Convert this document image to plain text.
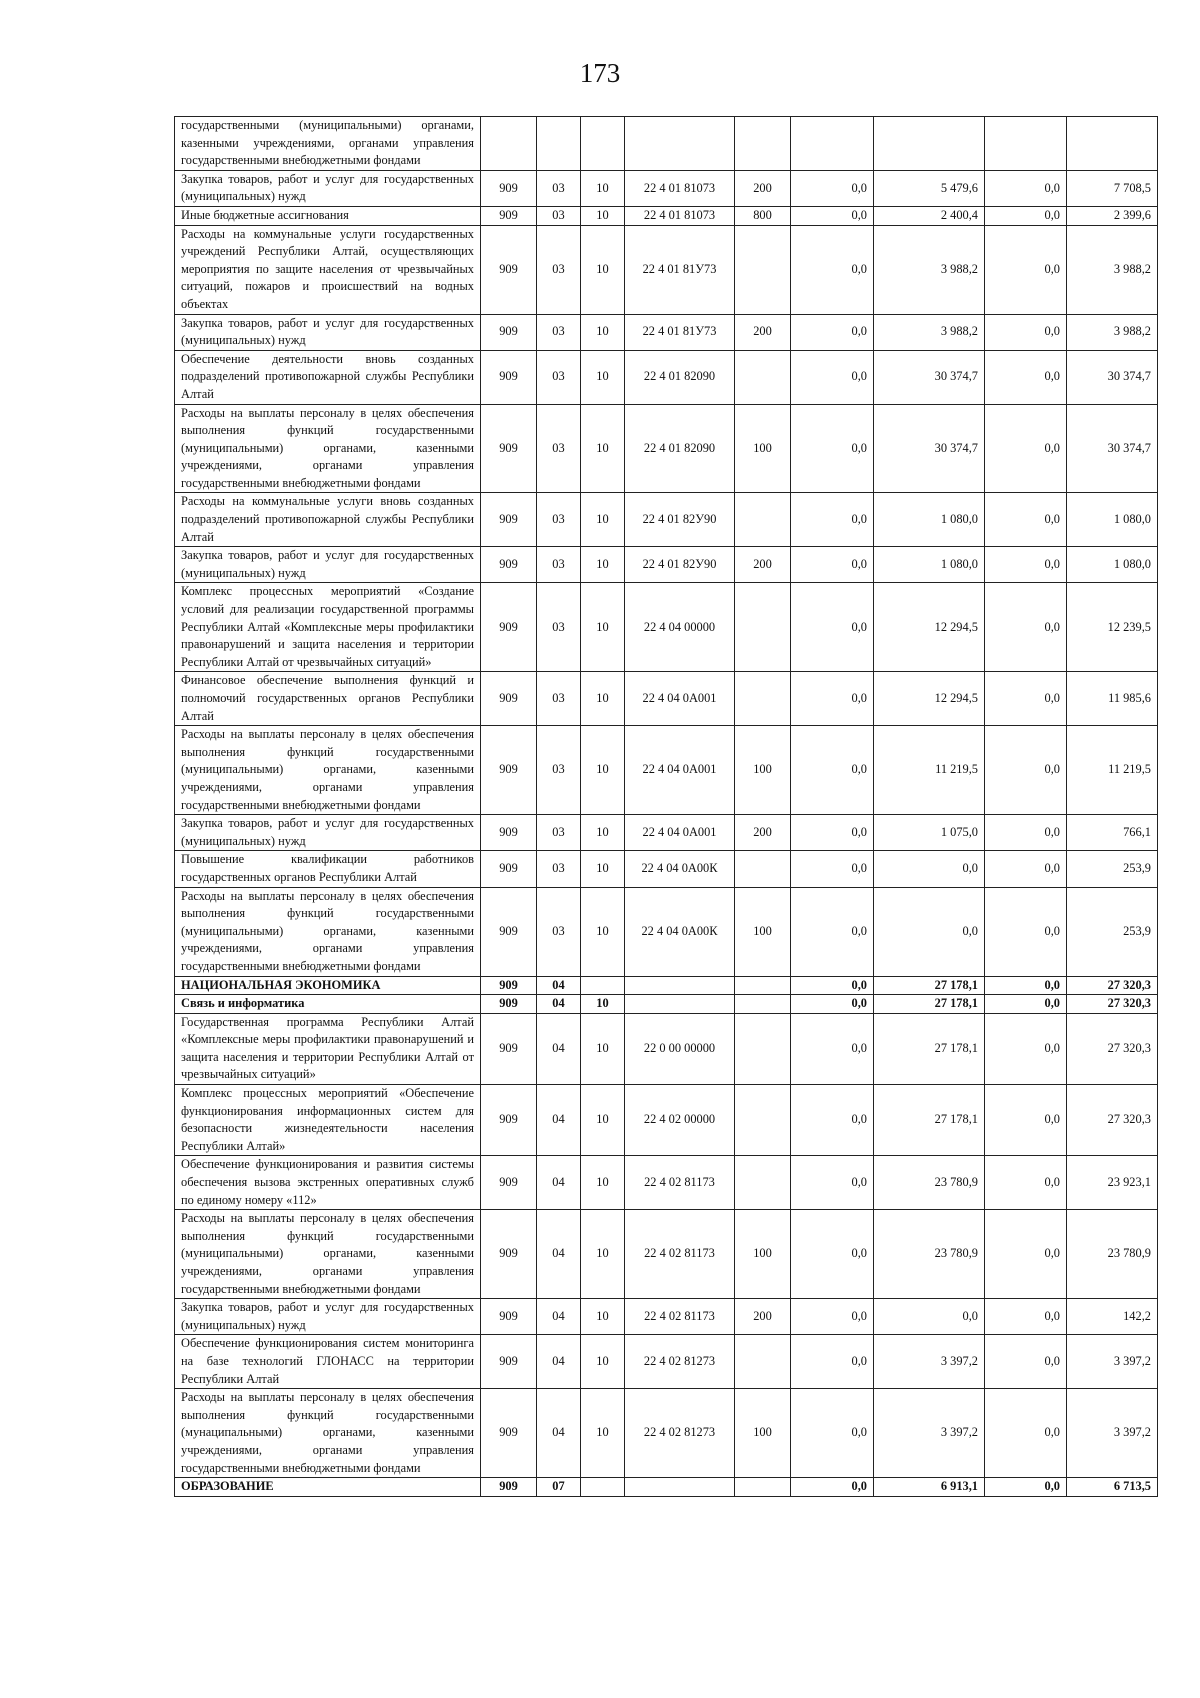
173
государственными (муниципальными) органами, казенными учреждениями, органами управления государственными внебюджетными фондами									
Закупка товаров, работ и услуг для государственных (муниципальных) нужд	909	03	10	22 4 01 81073	200	0,0	5 479,6	0,0	7 708,5
Иные бюджетные ассигнования	909	03	10	22 4 01 81073	800	0,0	2 400,4	0,0	2 399,6
Расходы на коммунальные услуги государственных учреждений Республики Алтай, осуществляющих мероприятия по защите населения от чрезвычайных ситуаций, пожаров и происшествий на водных объектах	909	03	10	22 4 01 81У73		0,0	3 988,2	0,0	3 988,2
Закупка товаров, работ и услуг для государственных (муниципальных) нужд	909	03	10	22 4 01 81У73	200	0,0	3 988,2	0,0	3 988,2
Обеспечение деятельности вновь созданных подразделений противопожарной службы Республики Алтай	909	03	10	22 4 01 82090		0,0	30 374,7	0,0	30 374,7
Расходы на выплаты персоналу в целях обеспечения выполнения функций государственными (муниципальными) органами, казенными учреждениями, органами управления государственными внебюджетными фондами	909	03	10	22 4 01 82090	100	0,0	30 374,7	0,0	30 374,7
Расходы на коммунальные услуги вновь созданных подразделений противопожарной службы Республики Алтай	909	03	10	22 4 01 82У90		0,0	1 080,0	0,0	1 080,0
Закупка товаров, работ и услуг для государственных (муниципальных) нужд	909	03	10	22 4 01 82У90	200	0,0	1 080,0	0,0	1 080,0
Комплекс процессных мероприятий «Создание условий для реализации государственной программы Республики Алтай «Комплексные меры профилактики правонарушений и защита населения и территории Республики Алтай от чрезвычайных ситуаций»	909	03	10	22 4 04 00000		0,0	12 294,5	0,0	12 239,5
Финансовое обеспечение выполнения функций и полномочий государственных органов Республики Алтай	909	03	10	22 4 04 0А001		0,0	12 294,5	0,0	11 985,6
Расходы на выплаты персоналу в целях обеспечения выполнения функций государственными (муниципальными) органами, казенными учреждениями, органами управления государственными внебюджетными фондами	909	03	10	22 4 04 0А001	100	0,0	11 219,5	0,0	11 219,5
Закупка товаров, работ и услуг для государственных (муниципальных) нужд	909	03	10	22 4 04 0А001	200	0,0	1 075,0	0,0	766,1
Повышение квалификации работников государственных органов Республики Алтай	909	03	10	22 4 04 0А00К		0,0	0,0	0,0	253,9
Расходы на выплаты персоналу в целях обеспечения выполнения функций государственными (муниципальными) органами, казенными учреждениями, органами управления государственными внебюджетными фондами	909	03	10	22 4 04 0А00К	100	0,0	0,0	0,0	253,9
НАЦИОНАЛЬНАЯ ЭКОНОМИКА	909	04				0,0	27 178,1	0,0	27 320,3
Связь и информатика	909	04	10			0,0	27 178,1	0,0	27 320,3
Государственная программа Республики Алтай «Комплексные меры профилактики правонарушений и защита населения и территории Республики Алтай от чрезвычайных ситуаций»	909	04	10	22 0 00 00000		0,0	27 178,1	0,0	27 320,3
Комплекс процессных мероприятий «Обеспечение функционирования информационных систем для безопасности жизнедеятельности населения Республики Алтай»	909	04	10	22 4 02 00000		0,0	27 178,1	0,0	27 320,3
Обеспечение функционирования и развития системы обеспечения вызова экстренных оперативных служб по единому номеру «112»	909	04	10	22 4 02 81173		0,0	23 780,9	0,0	23 923,1
Расходы на выплаты персоналу в целях обеспечения выполнения функций государственными (муниципальными) органами, казенными учреждениями, органами управления государственными внебюджетными фондами	909	04	10	22 4 02 81173	100	0,0	23 780,9	0,0	23 780,9
Закупка товаров, работ и услуг для государственных (муниципальных) нужд	909	04	10	22 4 02 81173	200	0,0	0,0	0,0	142,2
Обеспечение функционирования систем мониторинга на базе технологий ГЛОНАСС на территории Республики Алтай	909	04	10	22 4 02 81273		0,0	3 397,2	0,0	3 397,2
Расходы на выплаты персоналу в целях обеспечения выполнения функций государственными (мунаципальными) органами, казенными учреждениями, органами управления государственными внебюджетными фондами	909	04	10	22 4 02 81273	100	0,0	3 397,2	0,0	3 397,2
ОБРАЗОВАНИЕ	909	07				0,0	6 913,1	0,0	6 713,5
